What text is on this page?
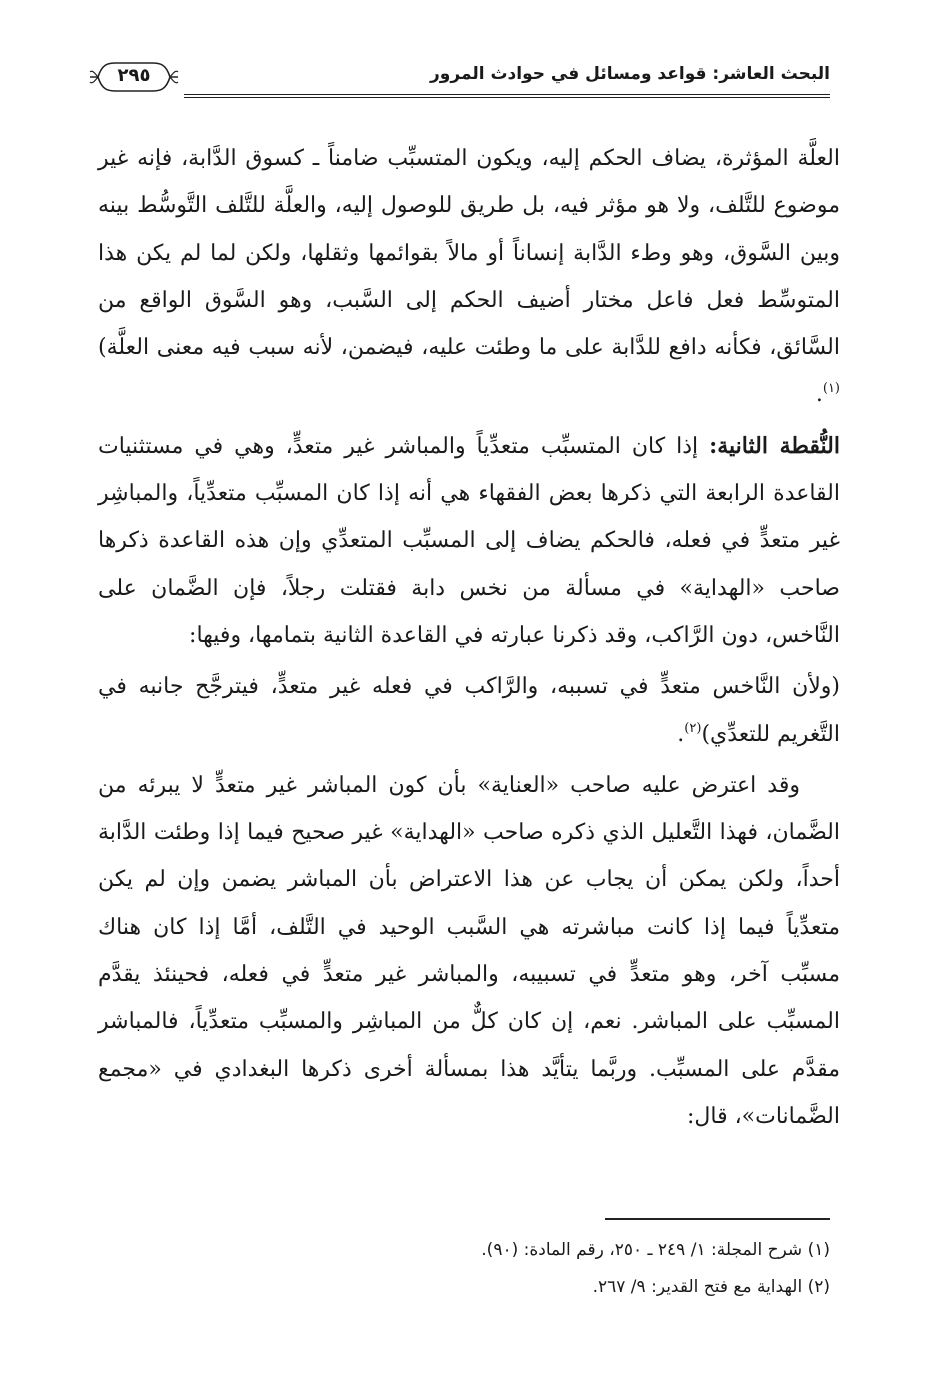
البحث العاشر: قواعد ومسائل في حوادث المرور
٢٩٥

العلَّة المؤثرة، يضاف الحكم إليه، ويكون المتسبِّب ضامناً ـ كسوق الدَّابة، فإنه غير موضوع للتَّلف، ولا هو مؤثر فيه، بل طريق للوصول إليه، والعلَّة للتَّلف التَّوسُّط بينه وبين السَّوق، وهو وطء الدَّابة إنساناً أو مالاً بقوائمها وثقلها، ولكن لما لم يكن هذا المتوسِّط فعل فاعل مختار أضيف الحكم إلى السَّبب، وهو السَّوق الواقع من السَّائق، فكأنه دافع للدَّابة على ما وطئت عليه، فيضمن، لأنه سبب فيه معنى العلَّة)$^{(١)}$.

النُّقطة الثانية: إذا كان المتسبِّب متعدِّياً والمباشر غير متعدٍّ، وهي في مستثنيات القاعدة الرابعة التي ذكرها بعض الفقهاء هي أنه إذا كان المسبِّب متعدِّياً، والمباشِر غير متعدٍّ في فعله، فالحكم يضاف إلى المسبِّب المتعدِّي وإن هذه القاعدة ذكرها صاحب «الهداية» في مسألة من نخس دابة فقتلت رجلاً، فإن الضَّمان على النَّاخس، دون الرَّاكب، وقد ذكرنا عبارته في القاعدة الثانية بتمامها، وفيها:

(ولأن النَّاخس متعدٍّ في تسببه، والرَّاكب في فعله غير متعدٍّ، فيترجَّح جانبه في التَّغريم للتعدِّي)$^{(٢)}$.

وقد اعترض عليه صاحب «العناية» بأن كون المباشر غير متعدٍّ لا يبرئه من الضَّمان، فهذا التَّعليل الذي ذكره صاحب «الهداية» غير صحيح فيما إذا وطئت الدَّابة أحداً، ولكن يمكن أن يجاب عن هذا الاعتراض بأن المباشر يضمن وإن لم يكن متعدِّياً فيما إذا كانت مباشرته هي السَّبب الوحيد في التَّلف، أمَّا إذا كان هناك مسبِّب آخر، وهو متعدٍّ في تسبيبه، والمباشر غير متعدٍّ في فعله، فحينئذ يقدَّم المسبِّب على المباشر. نعم، إن كان كلٌّ من المباشِر والمسبِّب متعدِّياً، فالمباشر مقدَّم على المسبِّب. وربَّما يتأيَّد هذا بمسألة أخرى ذكرها البغدادي في «مجمع الضَّمانات»، قال:

(١) شرح المجلة: ١/ ٢٤٩ ـ ٢٥٠، رقم المادة: (٩٠).

(٢) الهداية مع فتح القدير: ٩/ ٢٦٧.
